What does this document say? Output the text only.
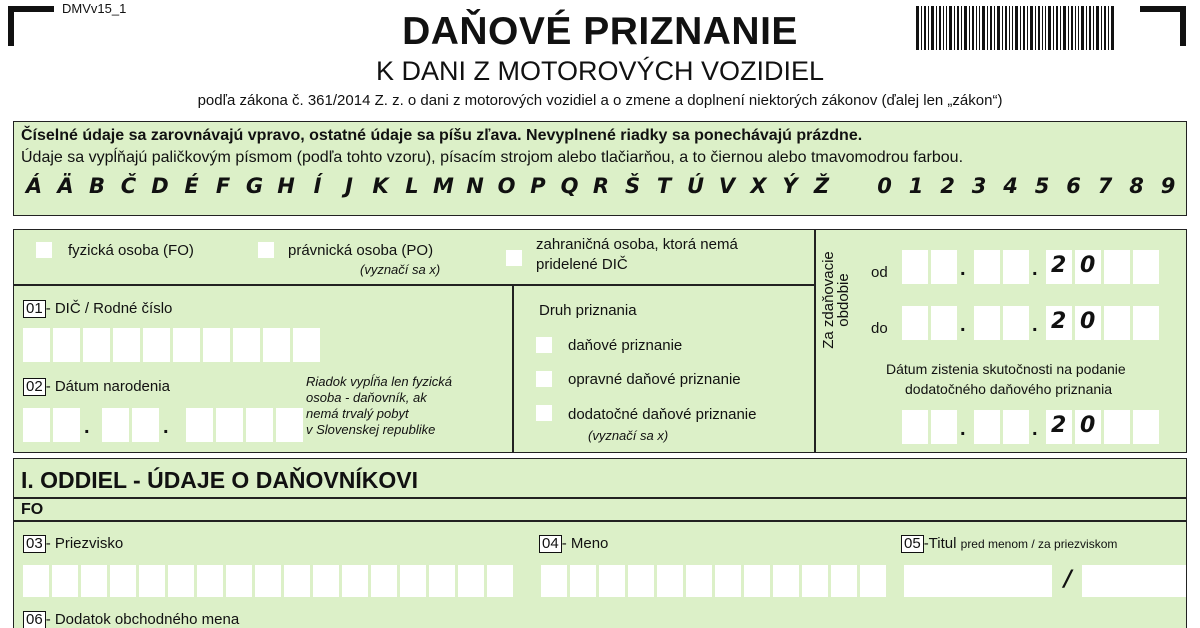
DMVv15_1
DAŇOVÉ PRIZNANIE
K DANI Z MOTOROVÝCH VOZIDIEL
podľa zákona č. 361/2014 Z. z. o dani z motorových vozidiel a o zmene a doplnení niektorých zákonov (ďalej len „zákon“)
Číselné údaje sa zarovnávajú vpravo, ostatné údaje sa píšu zľava. Nevyplnené riadky sa ponechávajú prázdne.
Údaje sa vypĺňajú paličkovým písmom (podľa tohto vzoru), písacím strojom alebo tlačiarňou, a to čiernou alebo tmavomodrou farbou.
Á Ä B Č D É F G H Í	J K L M N O P Q R Š T Ú V X Ý Ž 0 1 2 3 4 5 6 7 8 9
fyzická osoba (FO)	právnická osoba (PO)
(vyznačí sa x)
zahraničná osoba, ktorá nemá
pridelené DIČ
01 - DIČ / Rodné číslo
02 - Dátum narodenia	Riadok vypĺňa len fyzická
osoba - daňovník, ak
nemá trvalý pobyt
v Slovenskej republike
.	.
Druh priznania
daňové priznanie
opravné daňové priznanie
dodatočné daňové priznanie
(vyznačí sa x)
Za zdaňovacie
obdobie
od
do
.	. 2 0
.	. 2 0
Dátum zistenia skutočnosti na podanie
dodatočného daňového priznania
.	. 2 0
I. ODDIEL - ÚDAJE O DAŇOVNÍKOVI
FO
03 - Priezvisko	04 - Meno	05 -Titul pred menom / za priezviskom
/
06 - Dodatok obchodného mena
